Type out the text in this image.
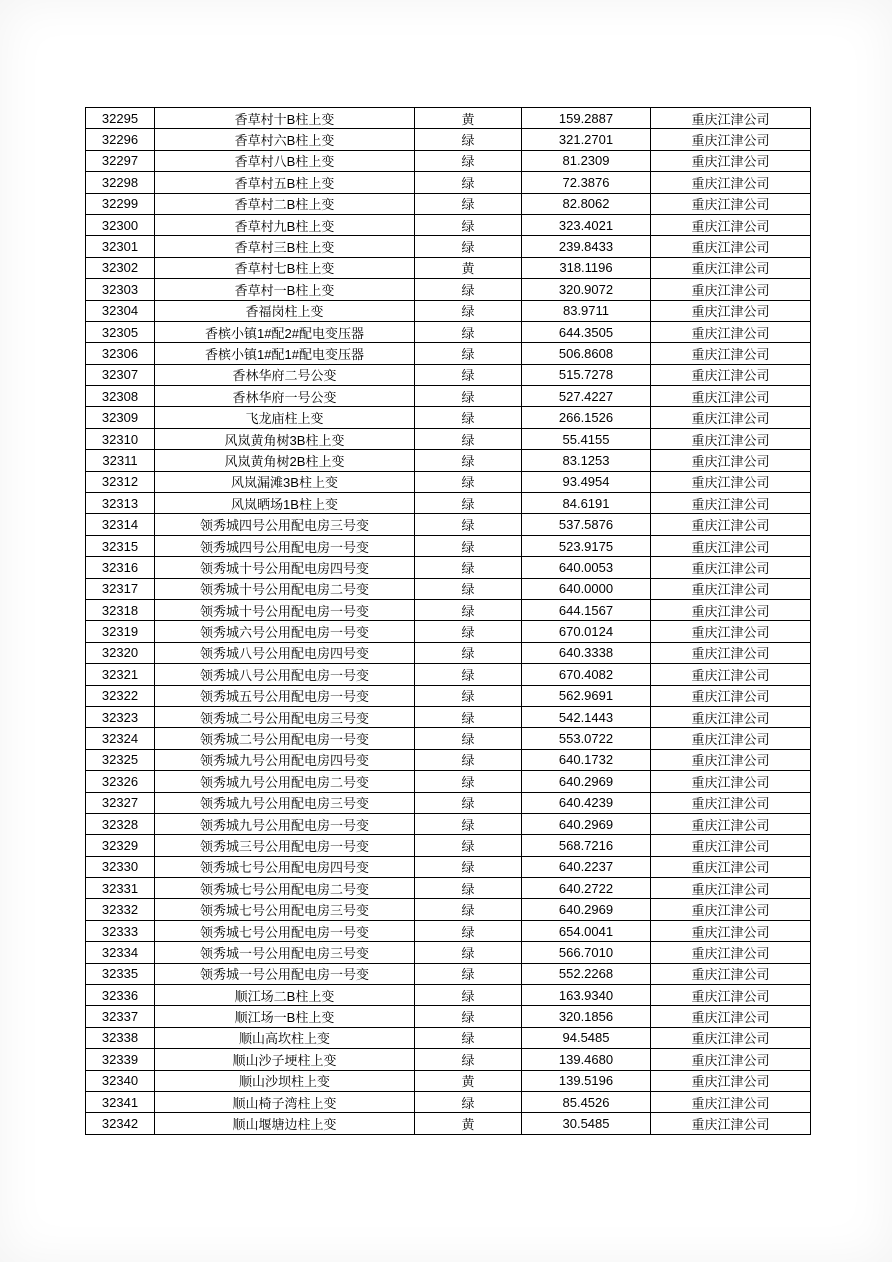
32295	香草村十B柱上变	黄	159.2887	重庆江津公司
32296	香草村六B柱上变	绿	321.2701	重庆江津公司
32297	香草村八B柱上变	绿	81.2309	重庆江津公司
32298	香草村五B柱上变	绿	72.3876	重庆江津公司
32299	香草村二B柱上变	绿	82.8062	重庆江津公司
32300	香草村九B柱上变	绿	323.4021	重庆江津公司
32301	香草村三B柱上变	绿	239.8433	重庆江津公司
32302	香草村七B柱上变	黄	318.1196	重庆江津公司
32303	香草村一B柱上变	绿	320.9072	重庆江津公司
32304	香福岗柱上变	绿	83.9711	重庆江津公司
32305	香槟小镇1#配2#配电变压器	绿	644.3505	重庆江津公司
32306	香槟小镇1#配1#配电变压器	绿	506.8608	重庆江津公司
32307	香林华府二号公变	绿	515.7278	重庆江津公司
32308	香林华府一号公变	绿	527.4227	重庆江津公司
32309	飞龙庙柱上变	绿	266.1526	重庆江津公司
32310	风岚黄角树3B柱上变	绿	55.4155	重庆江津公司
32311	风岚黄角树2B柱上变	绿	83.1253	重庆江津公司
32312	风岚漏滩3B柱上变	绿	93.4954	重庆江津公司
32313	风岚晒场1B柱上变	绿	84.6191	重庆江津公司
32314	领秀城四号公用配电房三号变	绿	537.5876	重庆江津公司
32315	领秀城四号公用配电房一号变	绿	523.9175	重庆江津公司
32316	领秀城十号公用配电房四号变	绿	640.0053	重庆江津公司
32317	领秀城十号公用配电房二号变	绿	640.0000	重庆江津公司
32318	领秀城十号公用配电房一号变	绿	644.1567	重庆江津公司
32319	领秀城六号公用配电房一号变	绿	670.0124	重庆江津公司
32320	领秀城八号公用配电房四号变	绿	640.3338	重庆江津公司
32321	领秀城八号公用配电房一号变	绿	670.4082	重庆江津公司
32322	领秀城五号公用配电房一号变	绿	562.9691	重庆江津公司
32323	领秀城二号公用配电房三号变	绿	542.1443	重庆江津公司
32324	领秀城二号公用配电房一号变	绿	553.0722	重庆江津公司
32325	领秀城九号公用配电房四号变	绿	640.1732	重庆江津公司
32326	领秀城九号公用配电房二号变	绿	640.2969	重庆江津公司
32327	领秀城九号公用配电房三号变	绿	640.4239	重庆江津公司
32328	领秀城九号公用配电房一号变	绿	640.2969	重庆江津公司
32329	领秀城三号公用配电房一号变	绿	568.7216	重庆江津公司
32330	领秀城七号公用配电房四号变	绿	640.2237	重庆江津公司
32331	领秀城七号公用配电房二号变	绿	640.2722	重庆江津公司
32332	领秀城七号公用配电房三号变	绿	640.2969	重庆江津公司
32333	领秀城七号公用配电房一号变	绿	654.0041	重庆江津公司
32334	领秀城一号公用配电房三号变	绿	566.7010	重庆江津公司
32335	领秀城一号公用配电房一号变	绿	552.2268	重庆江津公司
32336	顺江场二B柱上变	绿	163.9340	重庆江津公司
32337	顺江场一B柱上变	绿	320.1856	重庆江津公司
32338	顺山高坎柱上变	绿	94.5485	重庆江津公司
32339	顺山沙子埂柱上变	绿	139.4680	重庆江津公司
32340	顺山沙坝柱上变	黄	139.5196	重庆江津公司
32341	顺山椅子湾柱上变	绿	85.4526	重庆江津公司
32342	顺山堰塘边柱上变	黄	30.5485	重庆江津公司
